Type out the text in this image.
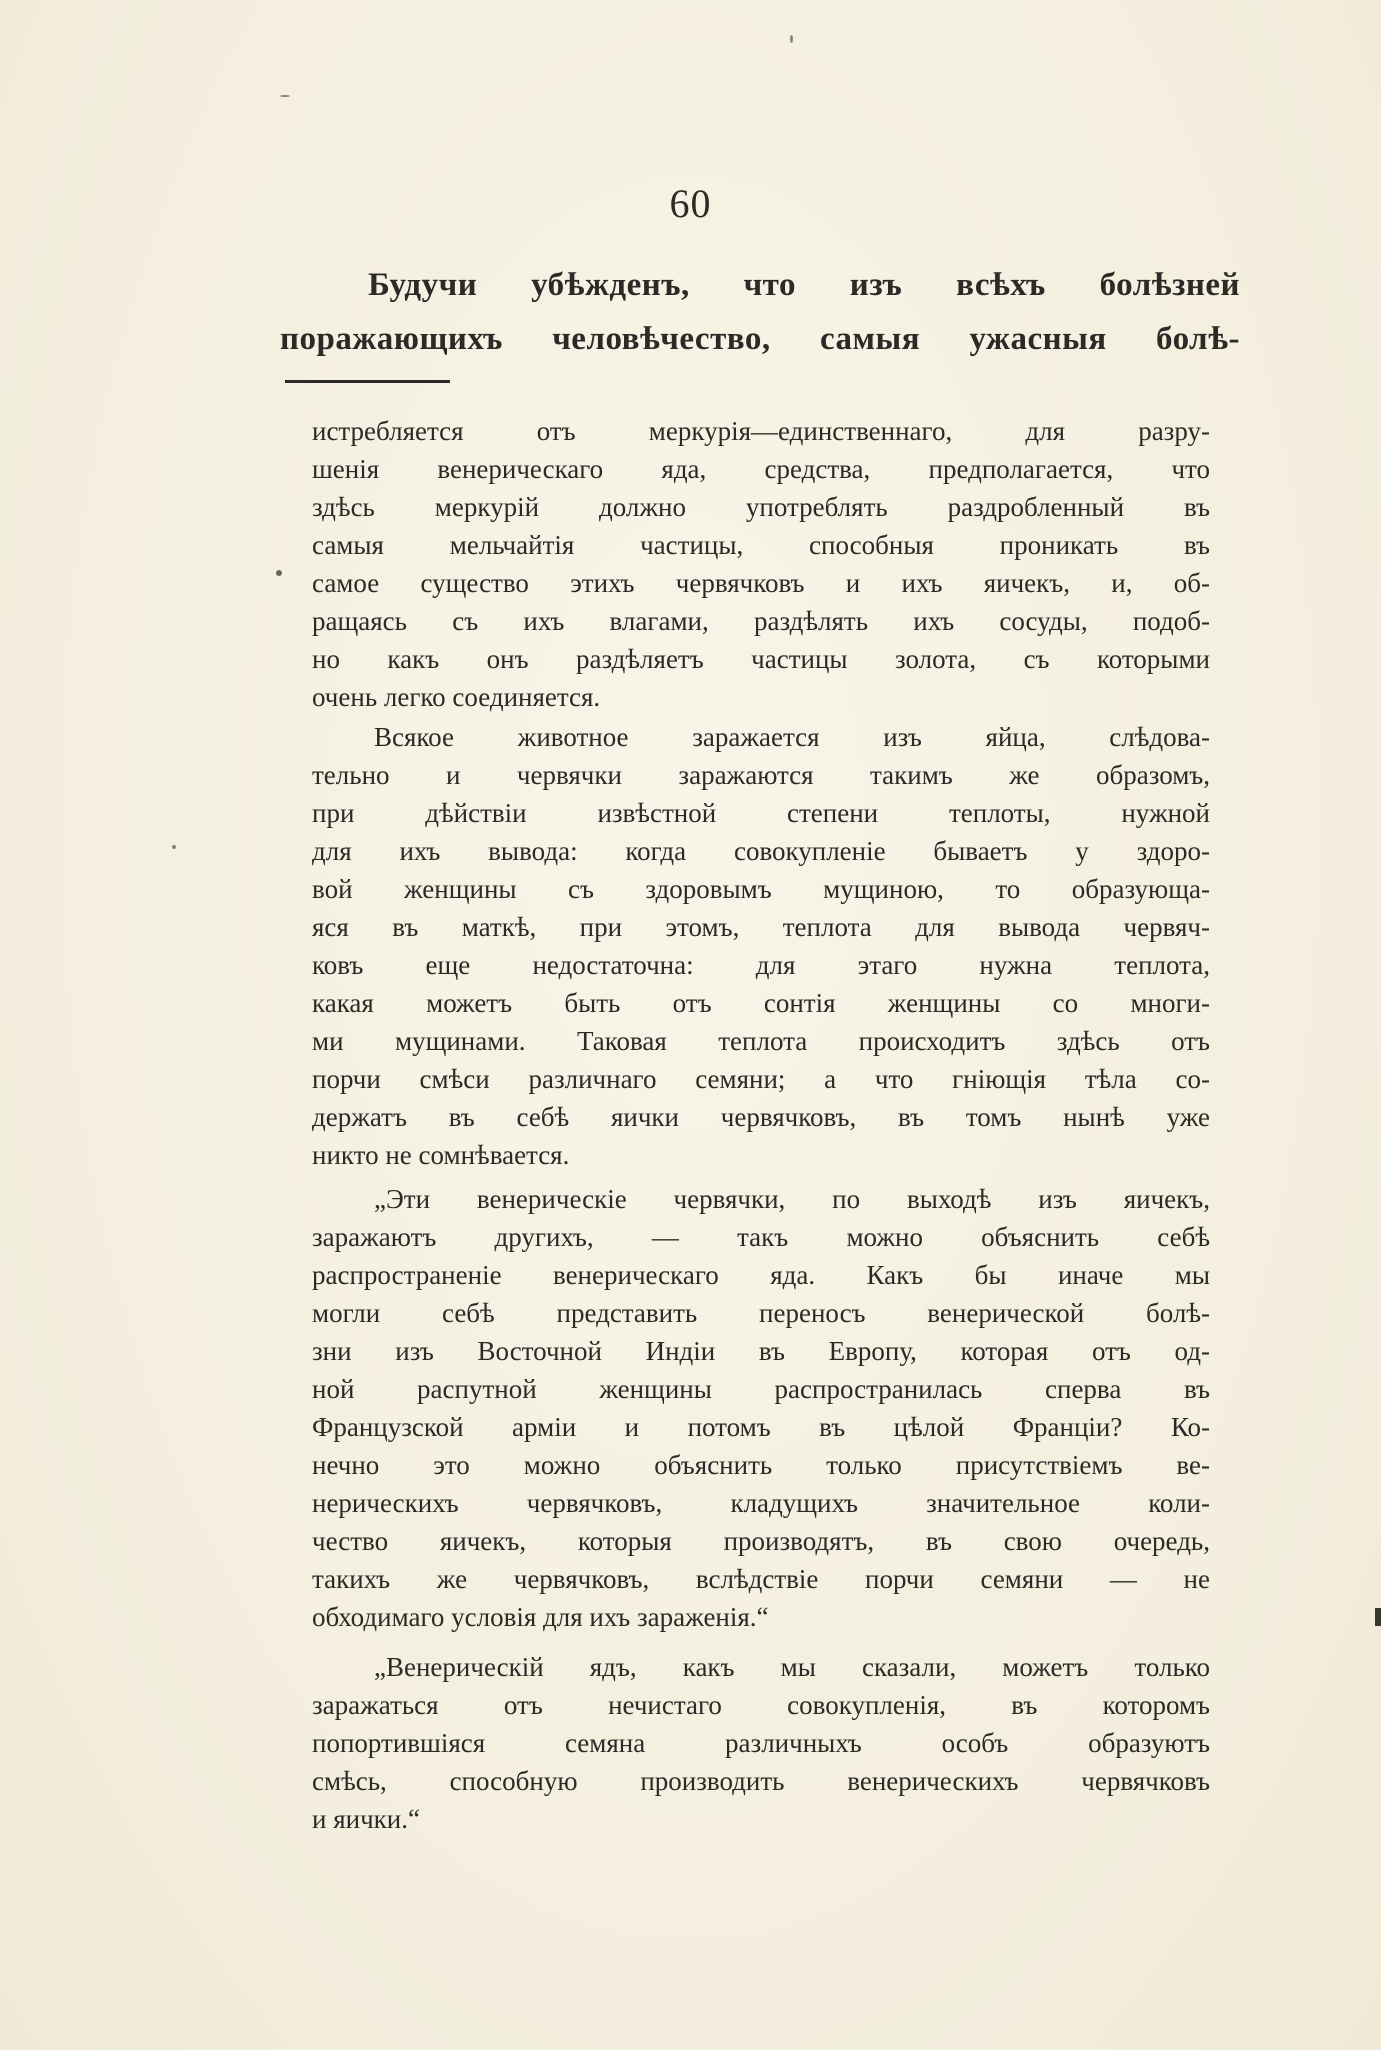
60
Будучи убѣжденъ, что изъ всѣхъ болѣзней
поражающихъ человѣчество, самыя ужасныя болѣ-
истребляется отъ меркурія—единственнаго, для разру-
шенія венерическаго яда, средства, предполагается, что
здѣсь меркурій должно употреблять раздробленный въ
самыя мельчайтія частицы, способныя проникать въ
самое существо этихъ червячковъ и ихъ яичекъ, и, об-
ращаясь съ ихъ влагами, раздѣлять ихъ сосуды, подоб-
но какъ онъ раздѣляетъ частицы золота, съ которыми
очень легко соединяется.
Всякое животное заражается изъ яйца, слѣдова-
тельно и червячки заражаются такимъ же образомъ,
при дѣйствіи извѣстной степени теплоты, нужной
для ихъ вывода: когда совокупленіе бываетъ у здоро-
вой женщины съ здоровымъ мущиною, то образующа-
яся въ маткѣ, при этомъ, теплота для вывода червяч-
ковъ еще недостаточна: для этаго нужна теплота,
какая можетъ быть отъ сонтія женщины со многи-
ми мущинами. Таковая теплота происходитъ здѣсь отъ
порчи смѣси различнаго семяни; а что гніющія тѣла со-
держатъ въ себѣ яички червячковъ, въ томъ нынѣ уже
никто не сомнѣвается.
„Эти венерическіе червячки, по выходѣ изъ яичекъ,
заражаютъ другихъ, — такъ можно объяснить себѣ
распространеніе венерическаго яда. Какъ бы иначе мы
могли себѣ представить переносъ венерической болѣ-
зни изъ Восточной Индіи въ Европу, которая отъ од-
ной распутной женщины распространилась сперва въ
Французской арміи и потомъ въ цѣлой Франціи? Ко-
нечно это можно объяснить только присутствіемъ ве-
нерическихъ червячковъ, кладущихъ значительное коли-
чество яичекъ, которыя производятъ, въ свою очередь,
такихъ же червячковъ, вслѣдствіе порчи семяни — не
обходимаго условія для ихъ зараженія.“
„Венерическій ядъ, какъ мы сказали, можетъ только
заражаться отъ нечистаго совокупленія, въ которомъ
попортившіяся семяна различныхъ особъ образуютъ
смѣсь, способную производить венерическихъ червячковъ
и яички.“
